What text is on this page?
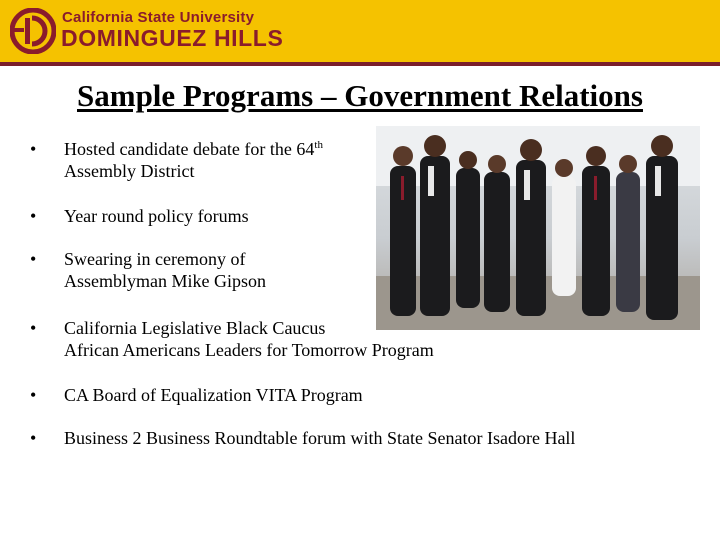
California State University
DOMINGUEZ HILLS
Sample Programs – Government Relations
•	Hosted candidate debate for the 64th
Assembly District
•	Year round policy forums
•	Swearing in ceremony of
Assemblyman Mike Gipson
•	California Legislative Black Caucus
African Americans Leaders for Tomorrow Program
•	CA Board of Equalization VITA Program
•	Business 2 Business Roundtable forum with State Senator Isadore Hall
